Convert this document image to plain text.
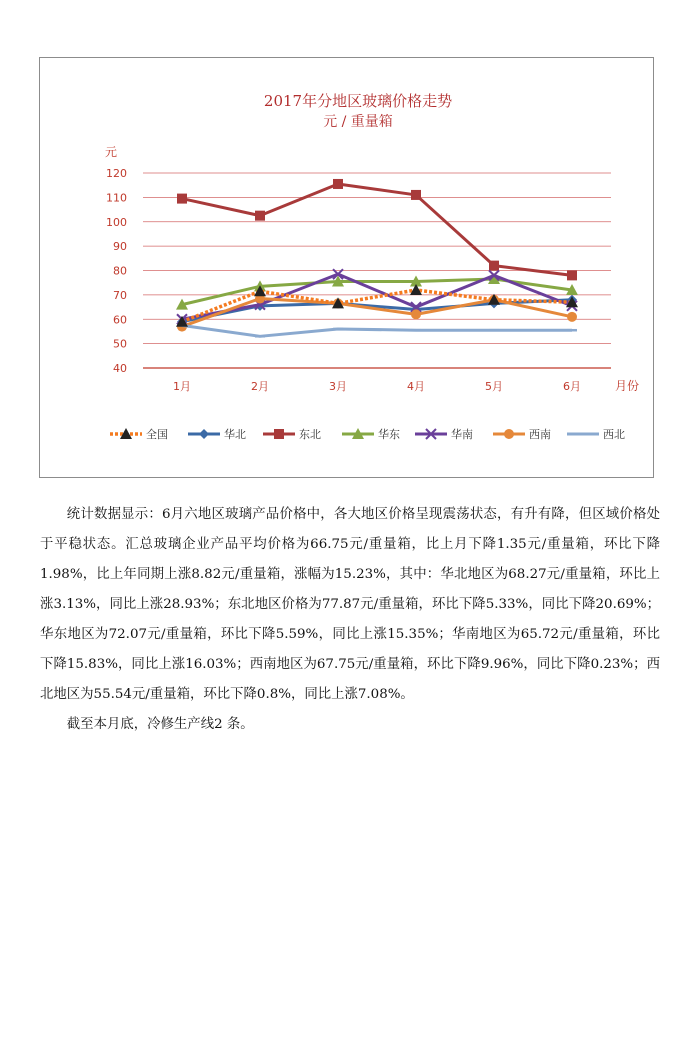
2017年分地区玻璃价格走势
元 / 重量箱
元
月份
40
50
60
70
80
90
100
110
120
1月	2月	3月	4月	5月	6月
全国	华北	东北	华东	华南	西南	西北

统计数据显示：6月六地区玻璃产品价格中，各大地区价格呈现震荡状态，有升有降，但区域价格处于平稳状态。汇总玻璃企业产品平均价格为66.75元/重量箱，比上月下降1.35元/重量箱，环比下降1.98%，比上年同期上涨8.82元/重量箱，涨幅为15.23%，其中：华北地区为68.27元/重量箱，环比上涨3.13%，同比上涨28.93%；东北地区价格为77.87元/重量箱，环比下降5.33%，同比下降20.69%；华东地区为72.07元/重量箱，环比下降5.59%，同比上涨15.35%；华南地区为65.72元/重量箱，环比下降15.83%，同比上涨16.03%；西南地区为67.75元/重量箱，环比下降9.96%，同比下降0.23%；西北地区为55.54元/重量箱，环比下降0.8%，同比上涨7.08%。

截至本月底，冷修生产线2 条。
